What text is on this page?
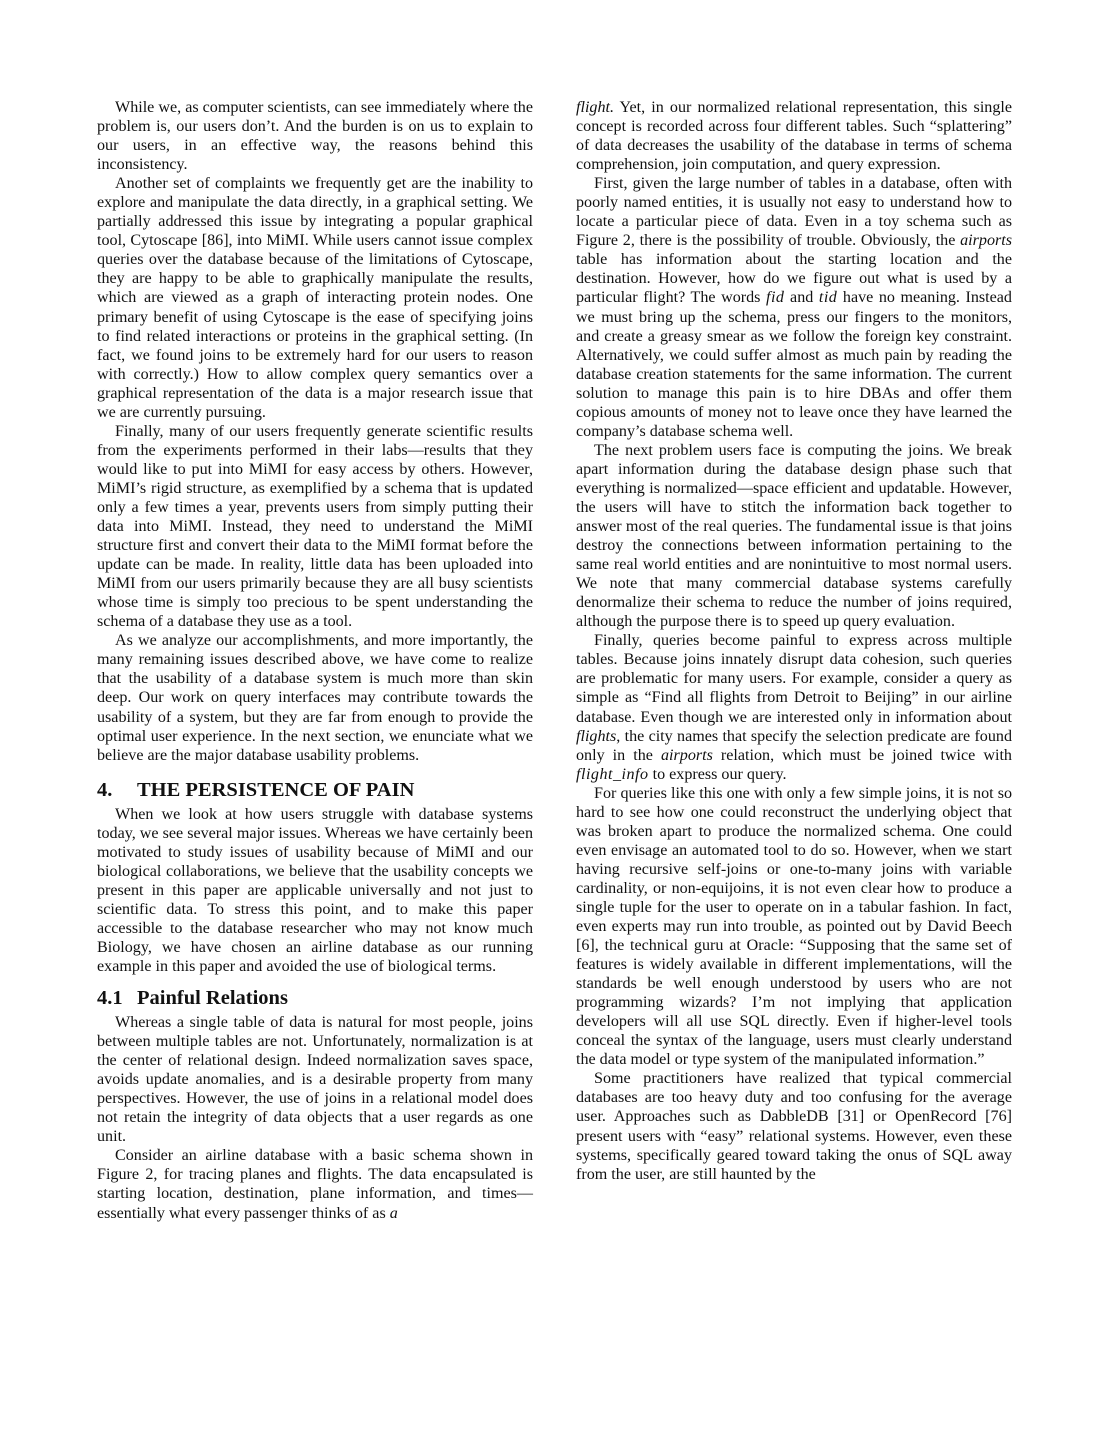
While we, as computer scientists, can see immediately where the problem is, our users don’t. And the burden is on us to explain to our users, in an effective way, the reasons behind this inconsistency.

Another set of complaints we frequently get are the inability to explore and manipulate the data directly, in a graphical setting. We partially addressed this issue by integrating a popular graphical tool, Cytoscape [86], into MiMI. While users cannot issue complex queries over the database because of the limitations of Cytoscape, they are happy to be able to graphically manipulate the results, which are viewed as a graph of interacting protein nodes. One primary benefit of using Cytoscape is the ease of specifying joins to find related interactions or proteins in the graphical setting. (In fact, we found joins to be extremely hard for our users to reason with correctly.) How to allow complex query semantics over a graphical representation of the data is a major research issue that we are currently pursuing.

Finally, many of our users frequently generate scientific results from the experiments performed in their labs—results that they would like to put into MiMI for easy access by others. However, MiMI’s rigid structure, as exemplified by a schema that is updated only a few times a year, prevents users from simply putting their data into MiMI. Instead, they need to understand the MiMI structure first and convert their data to the MiMI format before the update can be made. In reality, little data has been uploaded into MiMI from our users primarily because they are all busy scientists whose time is simply too precious to be spent understanding the schema of a database they use as a tool.

As we analyze our accomplishments, and more importantly, the many remaining issues described above, we have come to realize that the usability of a database system is much more than skin deep. Our work on query interfaces may contribute towards the usability of a system, but they are far from enough to provide the optimal user experience. In the next section, we enunciate what we believe are the major database usability problems.

4. THE PERSISTENCE OF PAIN

When we look at how users struggle with database systems today, we see several major issues. Whereas we have certainly been motivated to study issues of usability because of MiMI and our biological collaborations, we believe that the usability concepts we present in this paper are applicable universally and not just to scientific data. To stress this point, and to make this paper accessible to the database researcher who may not know much Biology, we have chosen an airline database as our running example in this paper and avoided the use of biological terms.

4.1 Painful Relations

Whereas a single table of data is natural for most people, joins between multiple tables are not. Unfortunately, normalization is at the center of relational design. Indeed normalization saves space, avoids update anomalies, and is a desirable property from many perspectives. However, the use of joins in a relational model does not retain the integrity of data objects that a user regards as one unit.

Consider an airline database with a basic schema shown in Figure 2, for tracing planes and flights. The data encapsulated is starting location, destination, plane information, and times—essentially what every passenger thinks of as a

flight. Yet, in our normalized relational representation, this single concept is recorded across four different tables. Such “splattering” of data decreases the usability of the database in terms of schema comprehension, join computation, and query expression.

First, given the large number of tables in a database, often with poorly named entities, it is usually not easy to understand how to locate a particular piece of data. Even in a toy schema such as Figure 2, there is the possibility of trouble. Obviously, the airports table has information about the starting location and the destination. However, how do we figure out what is used by a particular flight? The words fid and tid have no meaning. Instead we must bring up the schema, press our fingers to the monitors, and create a greasy smear as we follow the foreign key constraint. Alternatively, we could suffer almost as much pain by reading the database creation statements for the same information. The current solution to manage this pain is to hire DBAs and offer them copious amounts of money not to leave once they have learned the company’s database schema well.

The next problem users face is computing the joins. We break apart information during the database design phase such that everything is normalized—space efficient and updatable. However, the users will have to stitch the information back together to answer most of the real queries. The fundamental issue is that joins destroy the connections between information pertaining to the same real world entities and are nonintuitive to most normal users. We note that many commercial database systems carefully denormalize their schema to reduce the number of joins required, although the purpose there is to speed up query evaluation.

Finally, queries become painful to express across multiple tables. Because joins innately disrupt data cohesion, such queries are problematic for many users. For example, consider a query as simple as “Find all flights from Detroit to Beijing” in our airline database. Even though we are interested only in information about flights, the city names that specify the selection predicate are found only in the airports relation, which must be joined twice with flight_info to express our query.

For queries like this one with only a few simple joins, it is not so hard to see how one could reconstruct the underlying object that was broken apart to produce the normalized schema. One could even envisage an automated tool to do so. However, when we start having recursive self-joins or one-to-many joins with variable cardinality, or non-equijoins, it is not even clear how to produce a single tuple for the user to operate on in a tabular fashion. In fact, even experts may run into trouble, as pointed out by David Beech [6], the technical guru at Oracle: “Supposing that the same set of features is widely available in different implementations, will the standards be well enough understood by users who are not programming wizards? I’m not implying that application developers will all use SQL directly. Even if higher-level tools conceal the syntax of the language, users must clearly understand the data model or type system of the manipulated information.”

Some practitioners have realized that typical commercial databases are too heavy duty and too confusing for the average user. Approaches such as DabbleDB [31] or OpenRecord [76] present users with “easy” relational systems. However, even these systems, specifically geared toward taking the onus of SQL away from the user, are still haunted by the
